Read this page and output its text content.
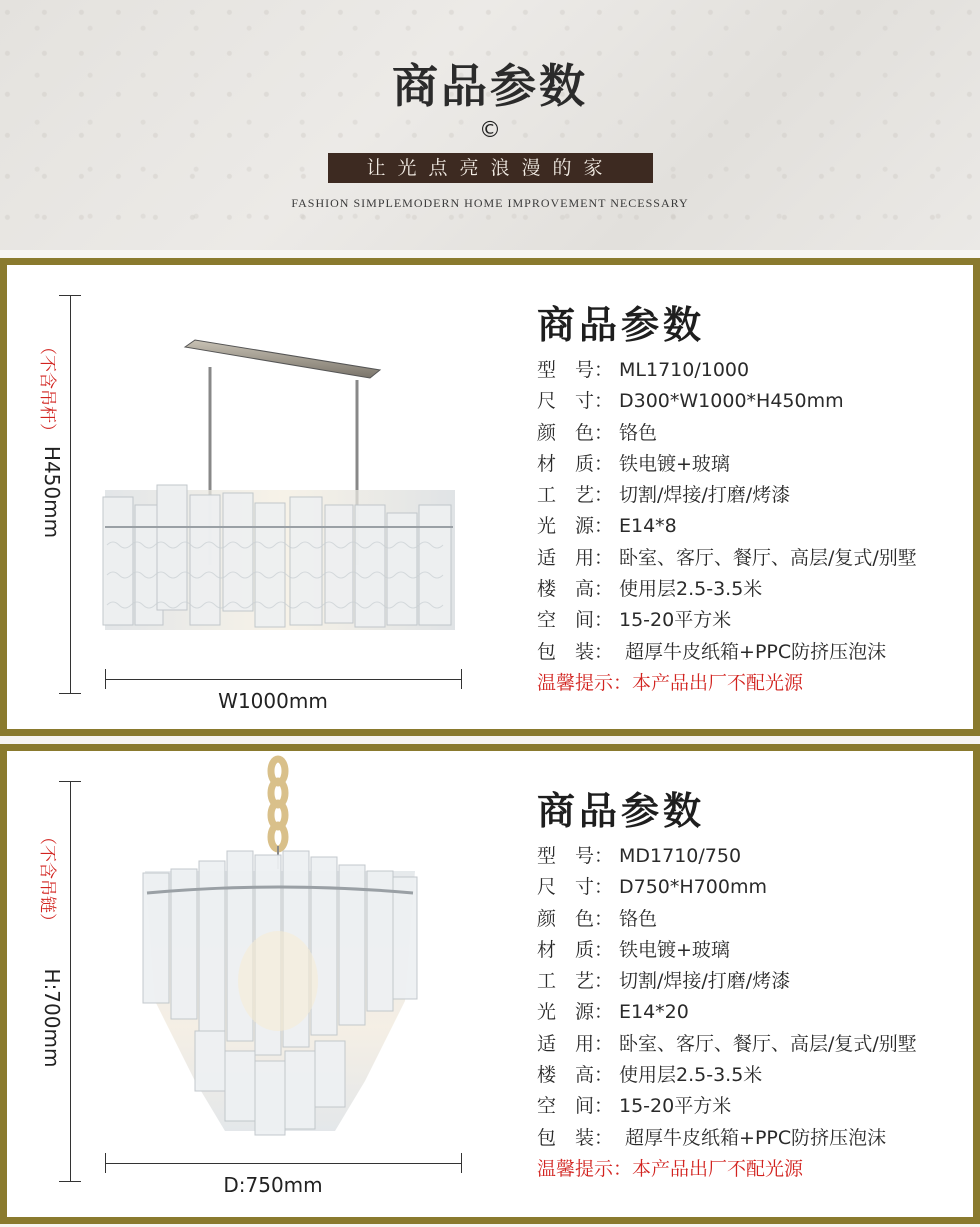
商品参数
©
让光点亮浪漫的家
FASHION SIMPLEMODERN HOME IMPROVEMENT NECESSARY
（不含吊杆）
H450mm
W1000mm
商品参数
型　号： ML1710/1000
尺　寸： D300*W1000*H450mm
颜　色： 铬色
材　质： 铁电镀+玻璃
工　艺： 切割/焊接/打磨/烤漆
光　源： E14*8
适　用： 卧室、客厅、餐厅、高层/复式/别墅
楼　高： 使用层2.5-3.5米
空　间： 15-20平方米
包　装： 超厚牛皮纸箱+PPC防挤压泡沫
温馨提示：本产品出厂不配光源
（不含吊链）
H:700mm
D:750mm
商品参数
型　号： MD1710/750
尺　寸： D750*H700mm
颜　色： 铬色
材　质： 铁电镀+玻璃
工　艺： 切割/焊接/打磨/烤漆
光　源： E14*20
适　用： 卧室、客厅、餐厅、高层/复式/别墅
楼　高： 使用层2.5-3.5米
空　间： 15-20平方米
包　装： 超厚牛皮纸箱+PPC防挤压泡沫
温馨提示：本产品出厂不配光源
